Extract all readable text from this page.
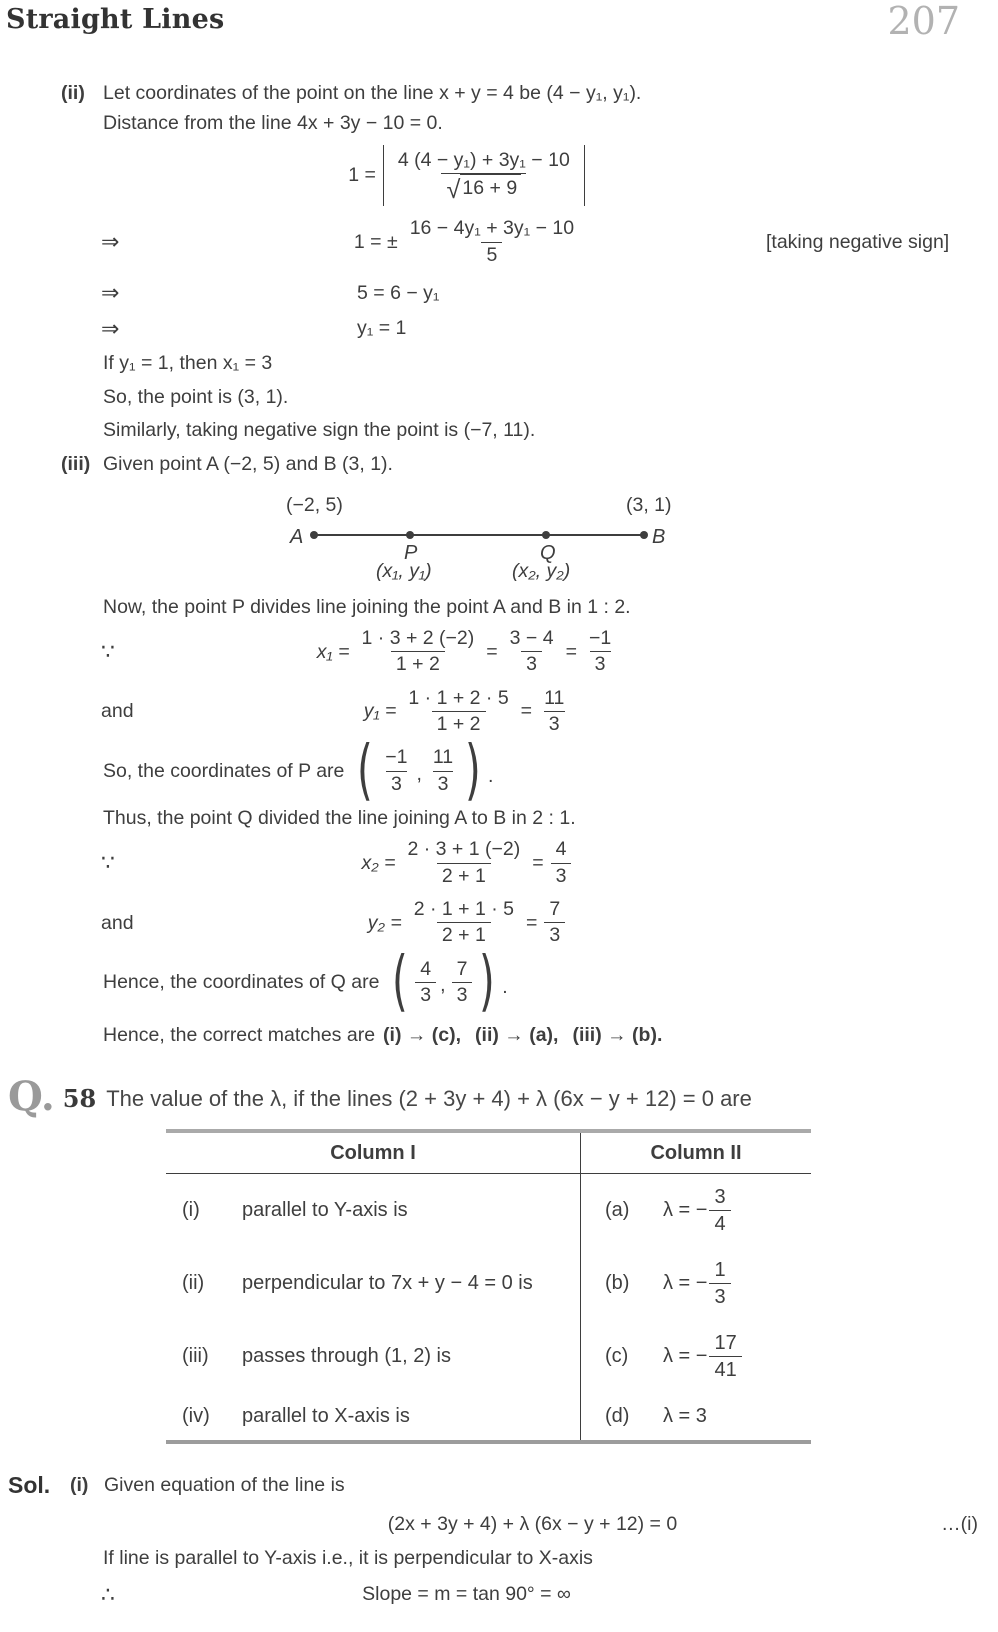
Straight Lines	207
(ii) Let coordinates of the point on the line x + y = 4 be (4 − y₁, y₁).
Distance from the line 4x + 3y − 10 = 0.
$1 = \frac{\text{4 (4 − y₁) + 3y₁ − 10}}{√ 16 + 9}$
⇒	1 = ± $\frac{\text{16 − 4y₁ + 3y₁ − 10}}{5}$	[taking negative sign]
⇒	5 = 6 − y₁
⇒	y₁ = 1
If y₁ = 1, then x₁ = 3
So, the point is (3, 1).
Similarly, taking negative sign the point is (−7, 11).
(iii) Given point A (−2, 5) and B (3, 1).
(−2, 5)	(3, 1)
A	B
P	Q
(x₁, y₁)	(x₂, y₂)
Now, the point P divides line joining the point A and B in 1 : 2.
∵	$x_1 = \frac{1 \cdot 3 + 2 (-2)}{1 + 2} = \frac{3 - 4}{3} = \frac{-1}{3}$
and	$y_1 = \frac{1 \cdot 1 + 2 \cdot 5}{1 + 2} = \frac{11}{3}$
So, the coordinates of P are ( $\frac{-1}{3}$ , $\frac{11}{3}$ ) .
Thus, the point Q divided the line joining A to B in 2 : 1.
∵	$x_2 = \frac{2 \cdot 3 + 1 (-2)}{2 + 1} = \frac{4}{3}$
and	$y_2 = \frac{2 \cdot 1 + 1 \cdot 5}{2 + 1} = \frac{7}{3}$
Hence, the coordinates of Q are ( $\frac{4}{3}$ , $\frac{7}{3}$ ) .
Hence, the correct matches are (i) → (c), (ii) → (a), (iii) → (b).
Q. 58 The value of the λ, if the lines (2 + 3y + 4) + λ (6x − y + 12) = 0 are
Column I	Column II
(i)	parallel to Y-axis is	(a)	λ = − $\frac{3}{4}$
(ii)	perpendicular to 7x + y − 4 = 0 is	(b)	λ = − $\frac{1}{3}$
(iii)	passes through (1, 2) is	(c)	λ = − $\frac{17}{41}$
(iv)	parallel to X-axis is	(d)	λ = 3
Sol.	(i) Given equation of the line is
(2x + 3y + 4) + λ (6x − y + 12) = 0	…(i)
If line is parallel to Y-axis i.e., it is perpendicular to X-axis
∴	Slope = m = tan 90° = ∞
